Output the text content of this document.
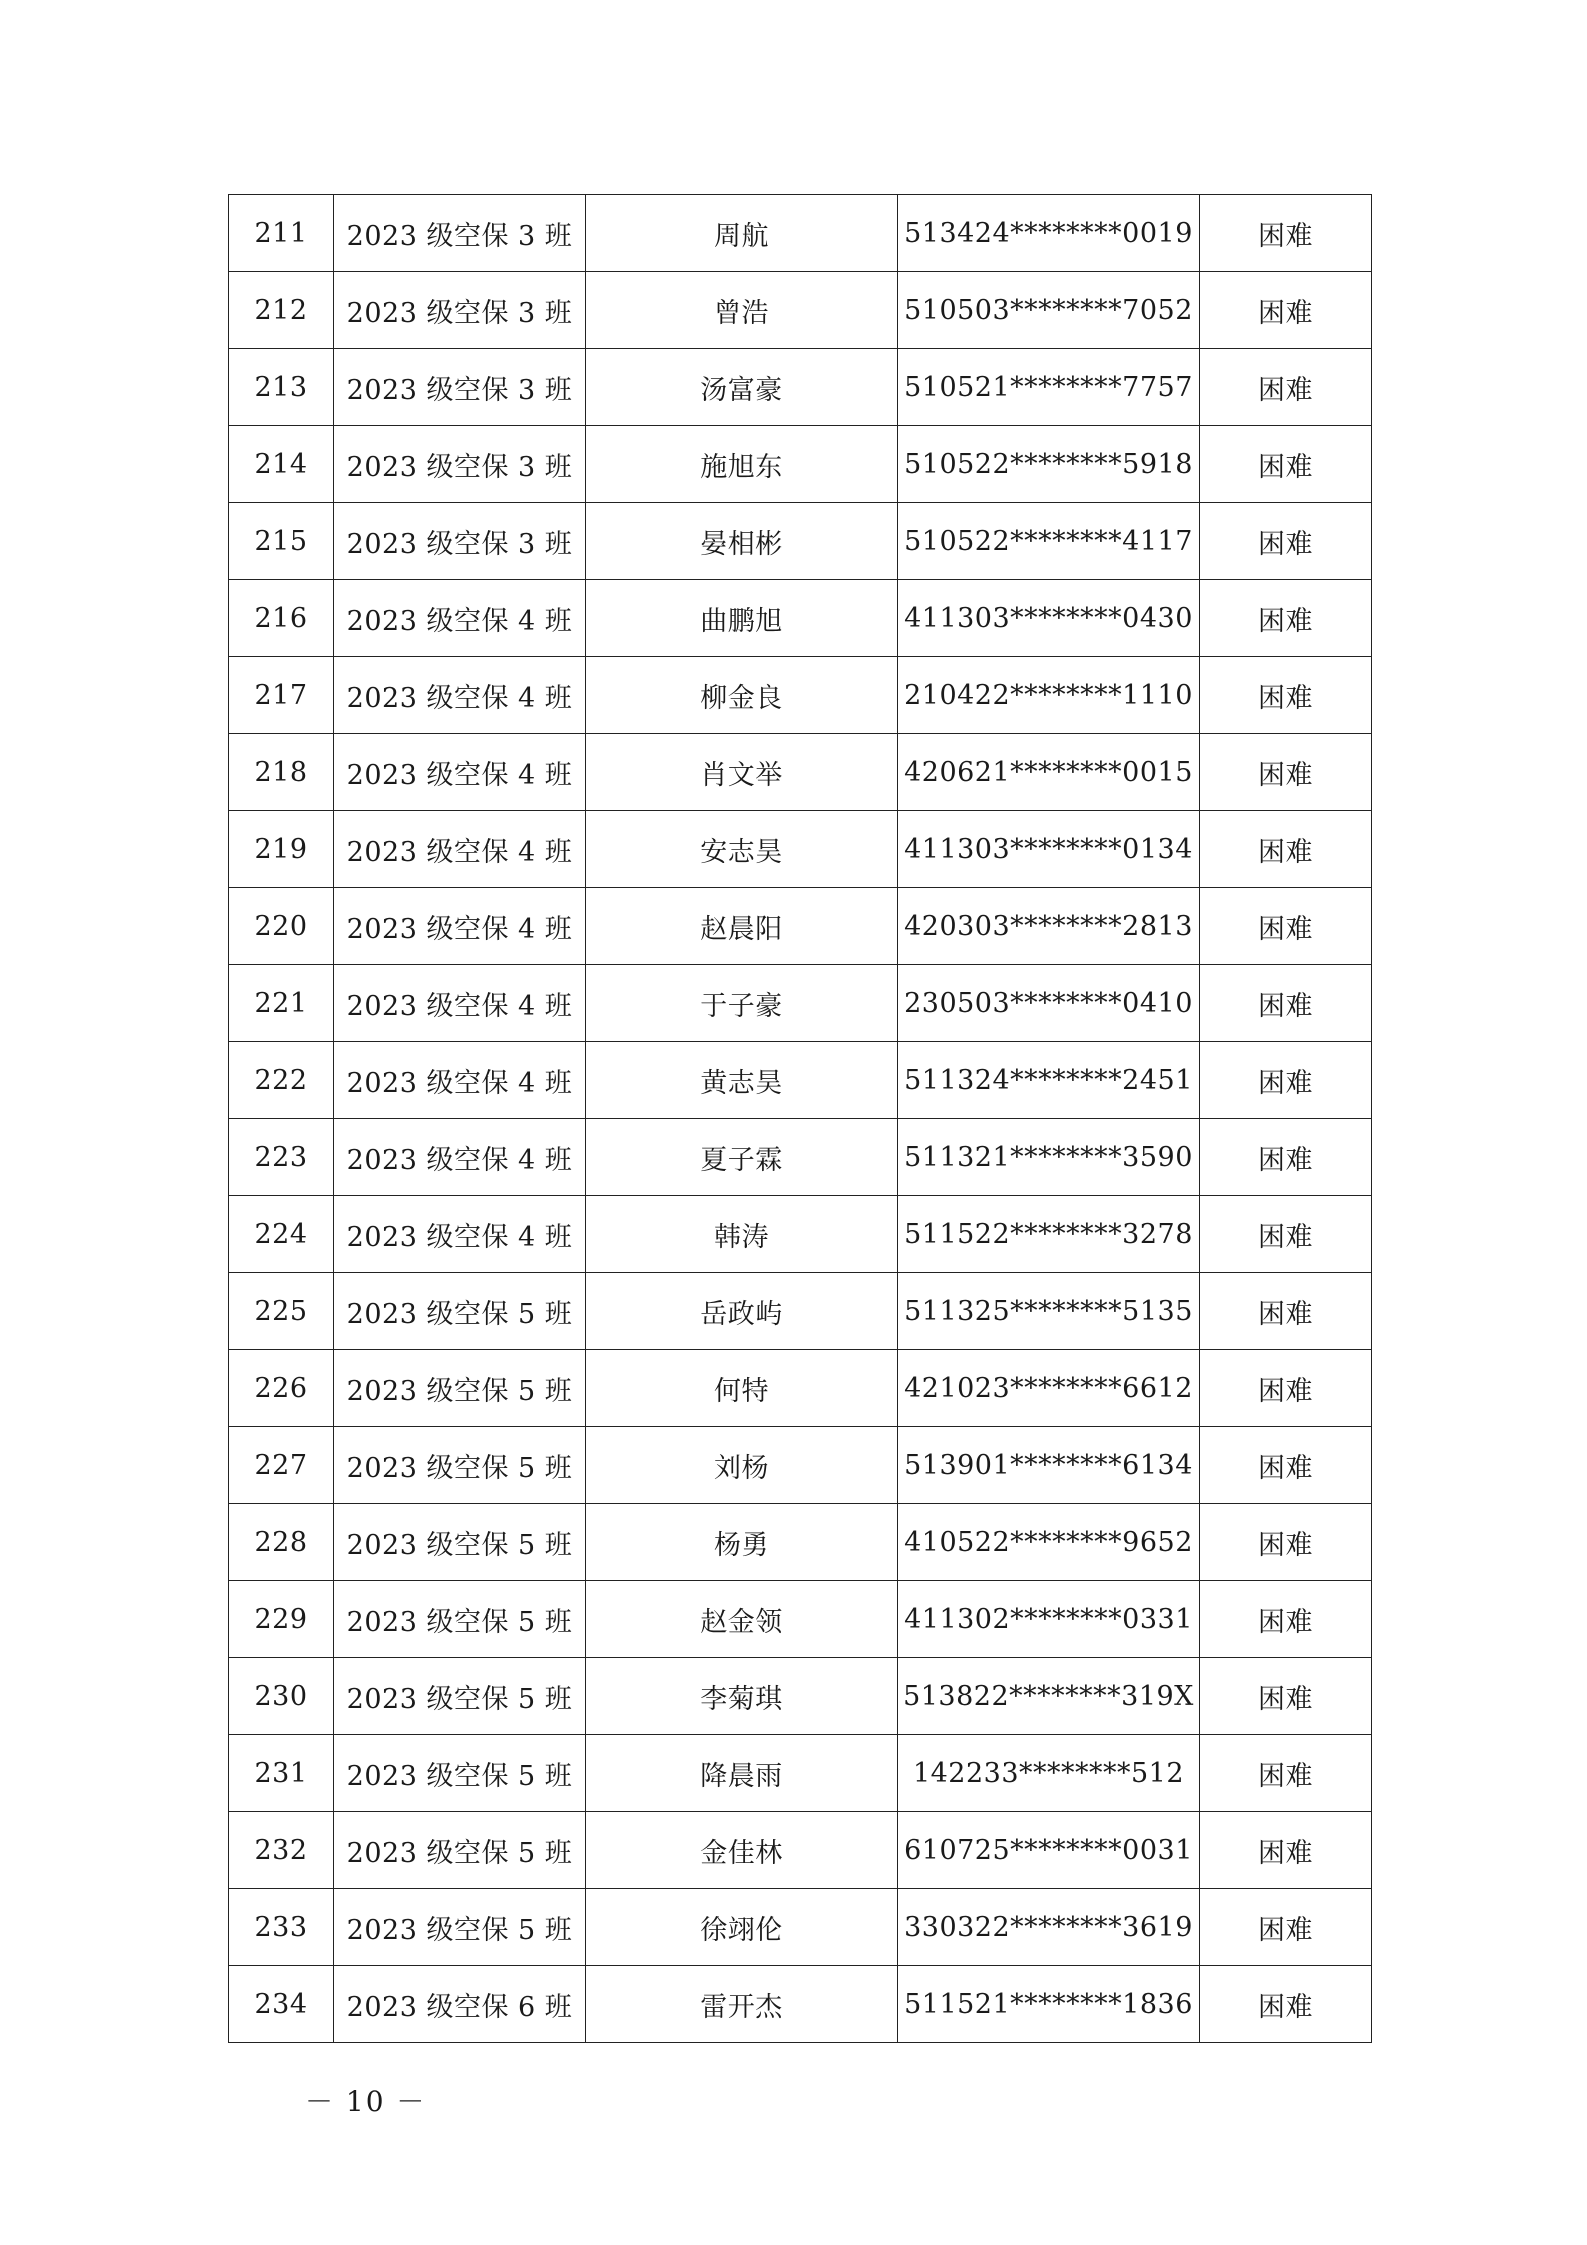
211	2023 级空保 3 班	周航	513424********0019	困难
212	2023 级空保 3 班	曾浩	510503********7052	困难
213	2023 级空保 3 班	汤富豪	510521********7757	困难
214	2023 级空保 3 班	施旭东	510522********5918	困难
215	2023 级空保 3 班	晏相彬	510522********4117	困难
216	2023 级空保 4 班	曲鹏旭	411303********0430	困难
217	2023 级空保 4 班	柳金良	210422********1110	困难
218	2023 级空保 4 班	肖文举	420621********0015	困难
219	2023 级空保 4 班	安志昊	411303********0134	困难
220	2023 级空保 4 班	赵晨阳	420303********2813	困难
221	2023 级空保 4 班	于子豪	230503********0410	困难
222	2023 级空保 4 班	黄志昊	511324********2451	困难
223	2023 级空保 4 班	夏子霖	511321********3590	困难
224	2023 级空保 4 班	韩涛	511522********3278	困难
225	2023 级空保 5 班	岳政屿	511325********5135	困难
226	2023 级空保 5 班	何特	421023********6612	困难
227	2023 级空保 5 班	刘杨	513901********6134	困难
228	2023 级空保 5 班	杨勇	410522********9652	困难
229	2023 级空保 5 班	赵金领	411302********0331	困难
230	2023 级空保 5 班	李菊琪	513822********319X	困难
231	2023 级空保 5 班	降晨雨	142233********512	困难
232	2023 级空保 5 班	金佳林	610725********0031	困难
233	2023 级空保 5 班	徐翊伦	330322********3619	困难
234	2023 级空保 6 班	雷开杰	511521********1836	困难
－ 10 －
